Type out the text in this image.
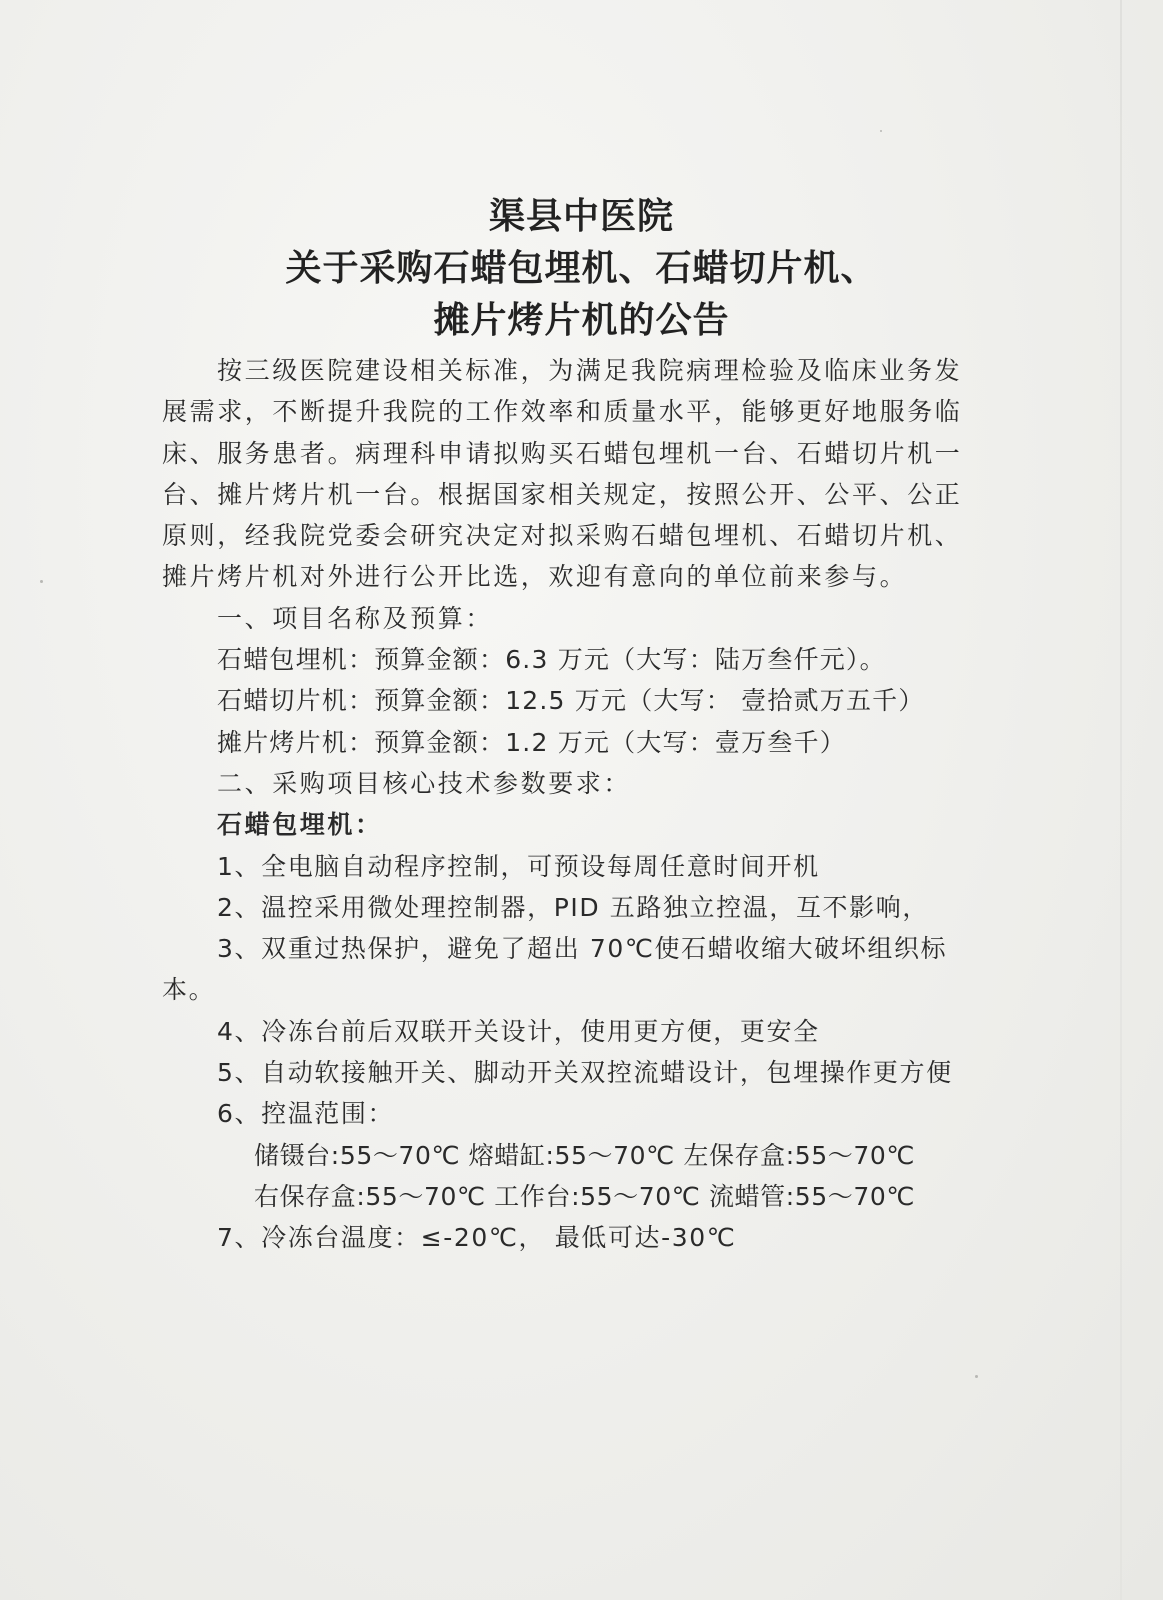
渠县中医院
关于采购石蜡包埋机、石蜡切片机、
摊片烤片机的公告

按三级医院建设相关标准，为满足我院病理检验及临床业务发展需求，不断提升我院的工作效率和质量水平，能够更好地服务临床、服务患者。病理科申请拟购买石蜡包埋机一台、石蜡切片机一台、摊片烤片机一台。根据国家相关规定，按照公开、公平、公正原则，经我院党委会研究决定对拟采购石蜡包埋机、石蜡切片机、摊片烤片机对外进行公开比选，欢迎有意向的单位前来参与。

一、项目名称及预算：

石蜡包埋机：预算金额：6.3 万元（大写：陆万叁仟元）。

石蜡切片机：预算金额：12.5 万元（大写： 壹拾贰万五千）

摊片烤片机：预算金额：1.2 万元（大写：壹万叁千）

二、采购项目核心技术参数要求：

石蜡包埋机：

1、全电脑自动程序控制，可预设每周任意时间开机

2、温控采用微处理控制器，PID 五路独立控温，互不影响，

3、双重过热保护，避免了超出 70℃使石蜡收缩大破坏组织标本。

4、冷冻台前后双联开关设计，使用更方便，更安全

5、自动软接触开关、脚动开关双控流蜡设计，包埋操作更方便

6、控温范围：

储镊台:55～70℃ 熔蜡缸:55～70℃ 左保存盒:55～70℃

右保存盒:55～70℃ 工作台:55～70℃ 流蜡管:55～70℃

7、冷冻台温度：≤-20℃， 最低可达-30℃
